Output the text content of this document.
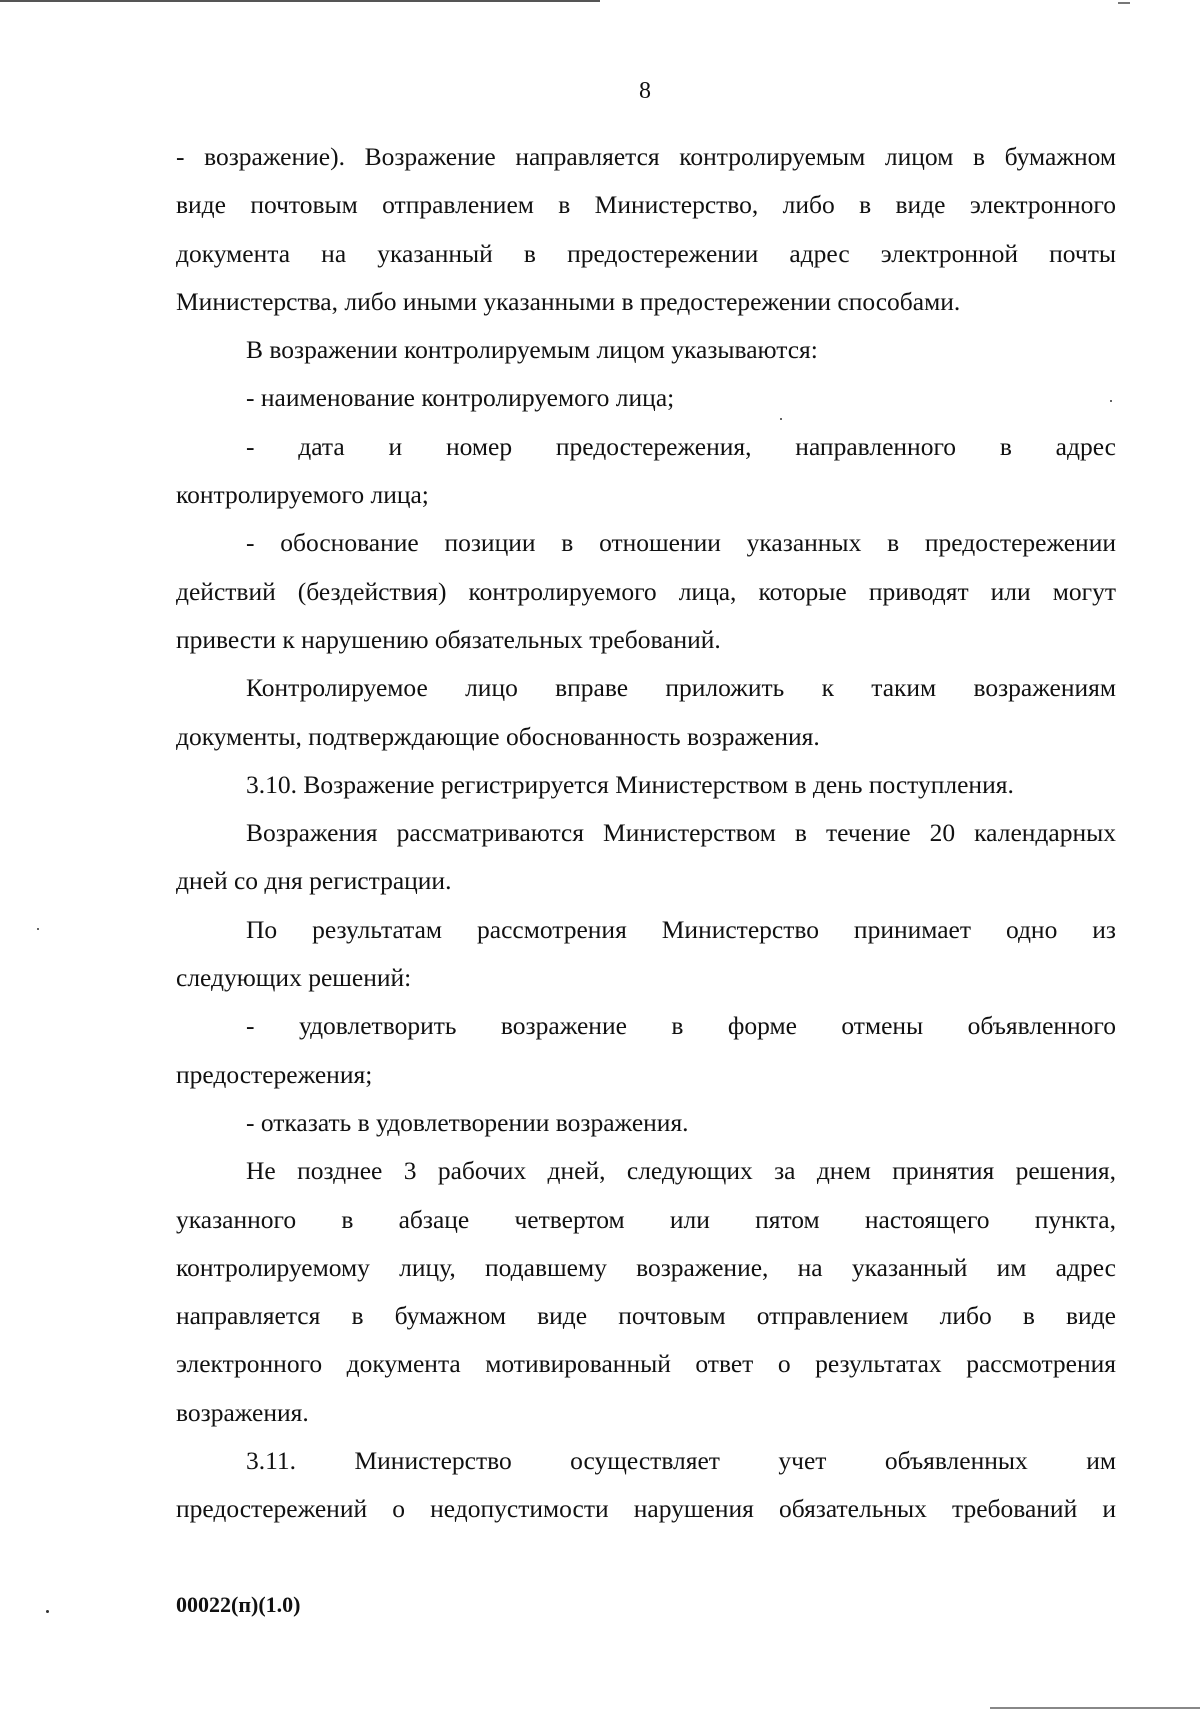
8
- возражение). Возражение направляется контролируемым лицом в бумажном
виде почтовым отправлением в Министерство, либо в виде электронного
документа на указанный в предостережении адрес электронной почты
Министерства, либо иными указанными в предостережении способами.
В возражении контролируемым лицом указываются:
- наименование контролируемого лица;
- дата и номер предостережения, направленного в адрес
контролируемого лица;
- обоснование позиции в отношении указанных в предостережении
действий (бездействия) контролируемого лица, которые приводят или могут
привести к нарушению обязательных требований.
Контролируемое лицо вправе приложить к таким возражениям
документы, подтверждающие обоснованность возражения.
3.10. Возражение регистрируется Министерством в день поступления.
Возражения рассматриваются Министерством в течение 20 календарных
дней со дня регистрации.
По результатам рассмотрения Министерство принимает одно из
следующих решений:
- удовлетворить возражение в форме отмены объявленного
предостережения;
- отказать в удовлетворении возражения.
Не позднее 3 рабочих дней, следующих за днем принятия решения,
указанного в абзаце четвертом или пятом настоящего пункта,
контролируемому лицу, подавшему возражение, на указанный им адрес
направляется в бумажном виде почтовым отправлением либо в виде
электронного документа мотивированный ответ о результатах рассмотрения
возражения.
3.11. Министерство осуществляет учет объявленных им
предостережений о недопустимости нарушения обязательных требований и
00022(п)(1.0)
